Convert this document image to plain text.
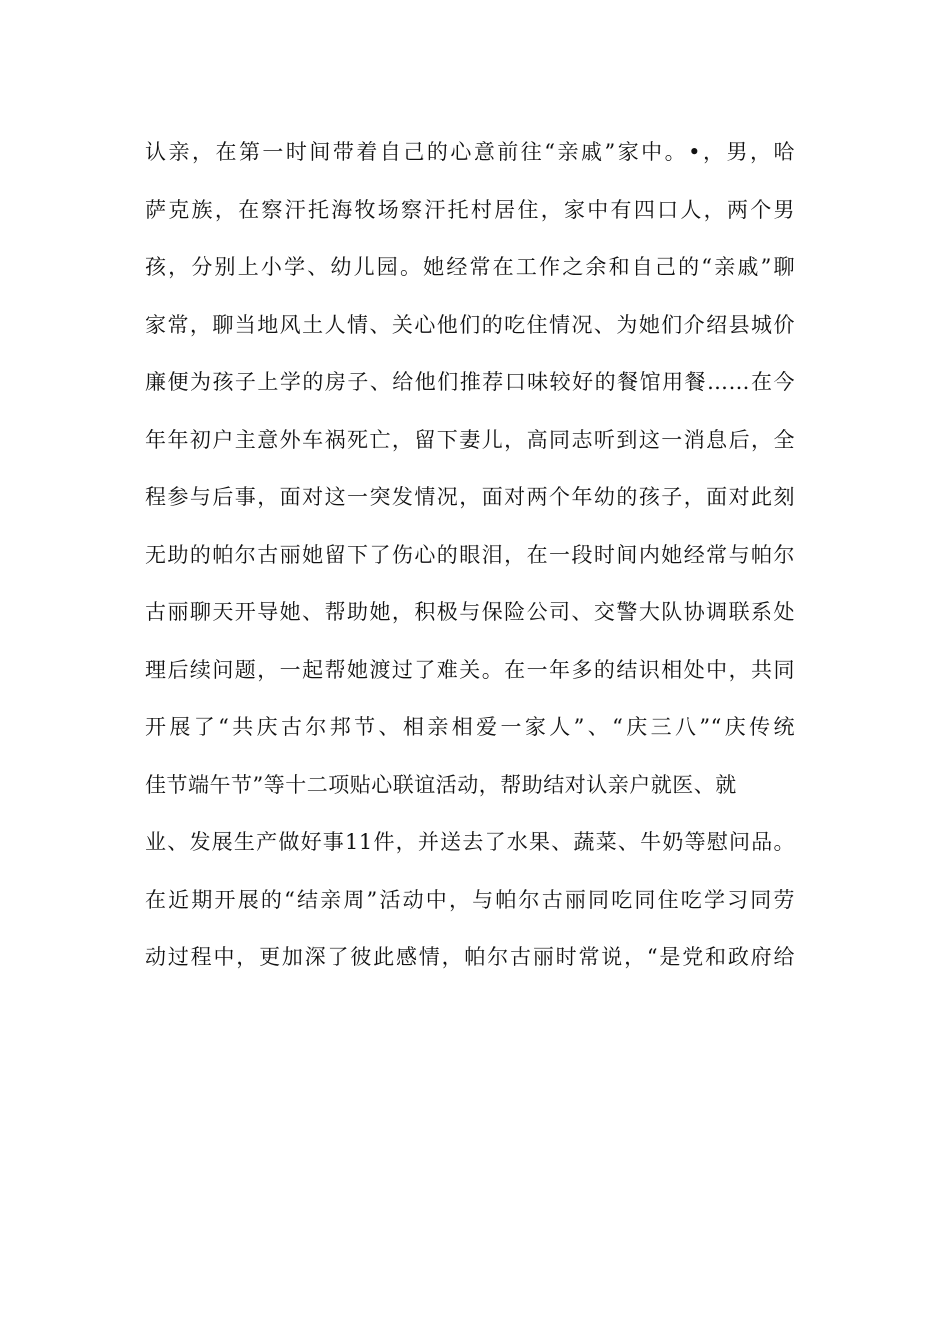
认亲，在第一时间带着自己的心意前往“亲戚”家中。•，男，哈
萨克族，在察汗托海牧场察汗托村居住，家中有四口人，两个男
孩，分别上小学、幼儿园。她经常在工作之余和自己的“亲戚”聊
家常，聊当地风土人情、关心他们的吃住情况、为她们介绍县城价
廉便为孩子上学的房子、给他们推荐口味较好的餐馆用餐……在今
年年初户主意外车祸死亡，留下妻儿，高同志听到这一消息后，全
程参与后事，面对这一突发情况，面对两个年幼的孩子，面对此刻
无助的帕尔古丽她留下了伤心的眼泪，在一段时间内她经常与帕尔
古丽聊天开导她、帮助她，积极与保险公司、交警大队协调联系处
理后续问题，一起帮她渡过了难关。在一年多的结识相处中，共同
开展了“共庆古尔邦节、相亲相爱一家人”、“庆三八”“庆传统
佳节端午节”等十二项贴心联谊活动，帮助结对认亲户就医、就
业、发展生产做好事11件，并送去了水果、蔬菜、牛奶等慰问品。
在近期开展的“结亲周”活动中，与帕尔古丽同吃同住吃学习同劳
动过程中，更加深了彼此感情，帕尔古丽时常说，“是党和政府给
